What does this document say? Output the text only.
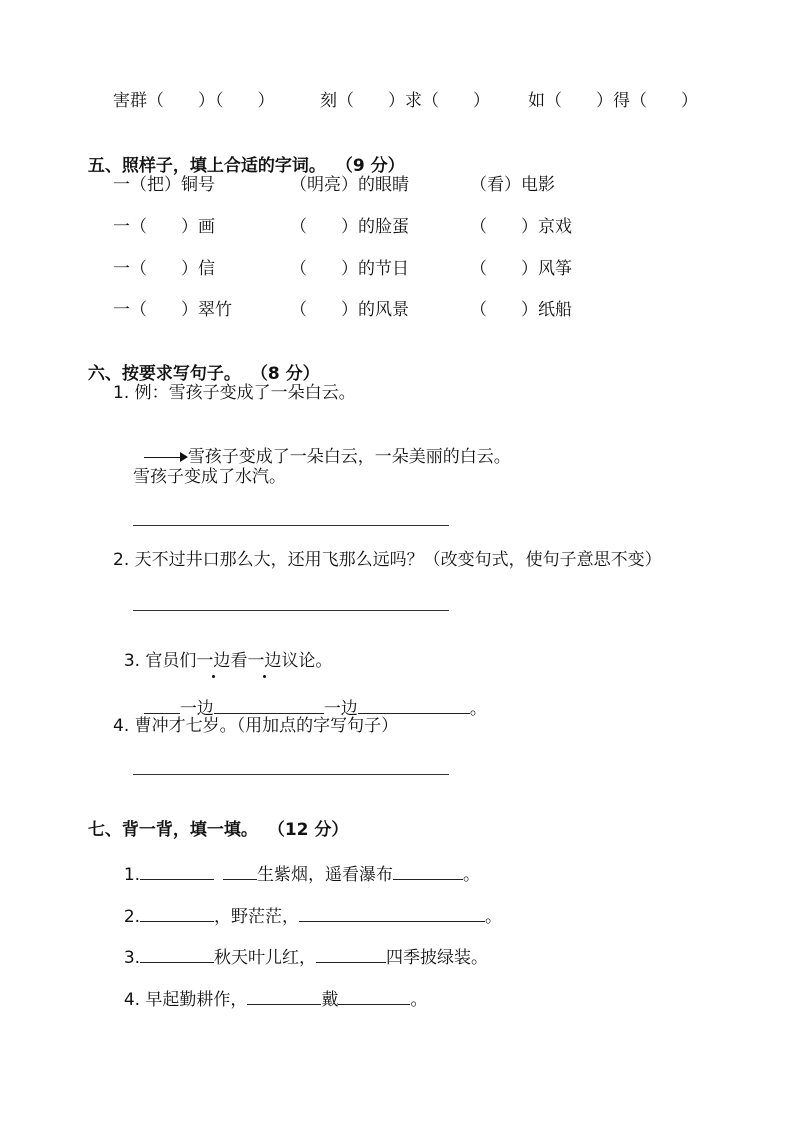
害群（　　）（　　）	刻（　　）求（　　） 如（　　）得（　　）

五、照样子，填上合适的字词。 （9 分）

一（把）铜号	（明亮）的眼睛	（看）电影
一（　　）画	（　　）的脸蛋	（　　）京戏
一（　　）信	（　　）的节日	（　　）风筝
一（　　）翠竹	（　　）的风景	（　　）纸船

六、按要求写句子。 （8 分）

1. 例：雪孩子变成了一朵白云。

雪孩子变成了一朵白云，一朵美丽的白云。

雪孩子变成了水汽。
2. 天不过井口那么大，还用飞那么远吗？（改变句式，使句子意思不变）

3. 官员们一边看一边议论。

一边	一边	。

4. 曹冲才七岁。（用加点的字写句子）

七、背一背，填一填。 （12 分）

1.	生紫烟，遥看瀑布	。

2.	，野茫茫，	。

3.	秋天叶儿红，	四季披绿装。

4. 早起勤耕作，	戴	。
